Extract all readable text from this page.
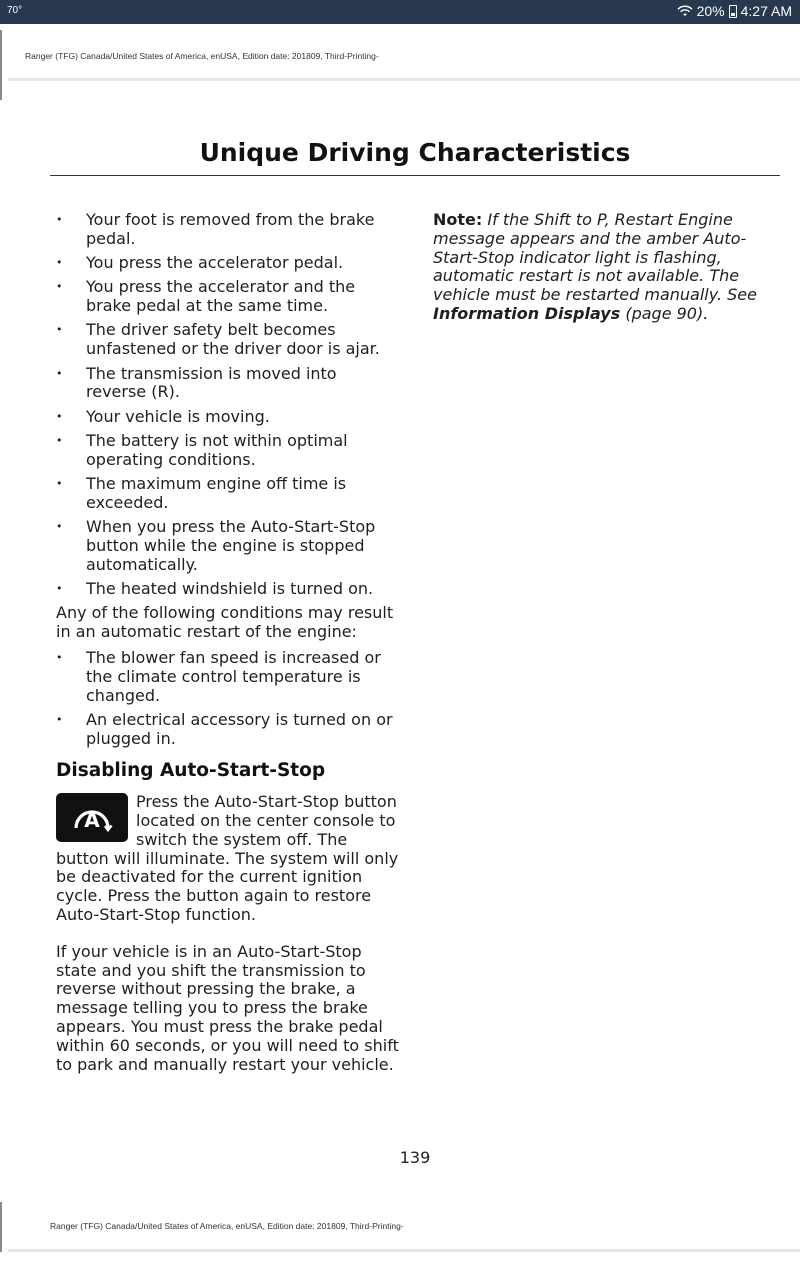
70°	20% 4:27 AM
Ranger (TFG) Canada/United States of America, enUSA, Edition date: 201809, Third-Printing-
Unique Driving Characteristics
• Your foot is removed from the brake pedal.
• You press the accelerator pedal.
• You press the accelerator and the brake pedal at the same time.
• The driver safety belt becomes unfastened or the driver door is ajar.
• The transmission is moved into reverse (R).
• Your vehicle is moving.
• The battery is not within optimal operating conditions.
• The maximum engine off time is exceeded.
• When you press the Auto-Start-Stop button while the engine is stopped automatically.
• The heated windshield is turned on.

Any of the following conditions may result in an automatic restart of the engine:

• The blower fan speed is increased or the climate control temperature is changed.
• An electrical accessory is turned on or plugged in.
Disabling Auto-Start-Stop
A

Press the Auto-Start-Stop button located on the center console to switch the system off. The button will illuminate. The system will only be deactivated for the current ignition cycle. Press the button again to restore Auto-Start-Stop function.

If your vehicle is in an Auto-Start-Stop state and you shift the transmission to reverse without pressing the brake, a message telling you to press the brake appears. You must press the brake pedal within 60 seconds, or you will need to shift to park and manually restart your vehicle.

Note: If the Shift to P, Restart Engine message appears and the amber Auto-Start-Stop indicator light is flashing, automatic restart is not available. The vehicle must be restarted manually. See Information Displays (page 90).

139
Ranger (TFG) Canada/United States of America, enUSA, Edition date: 201809, Third-Printing-
